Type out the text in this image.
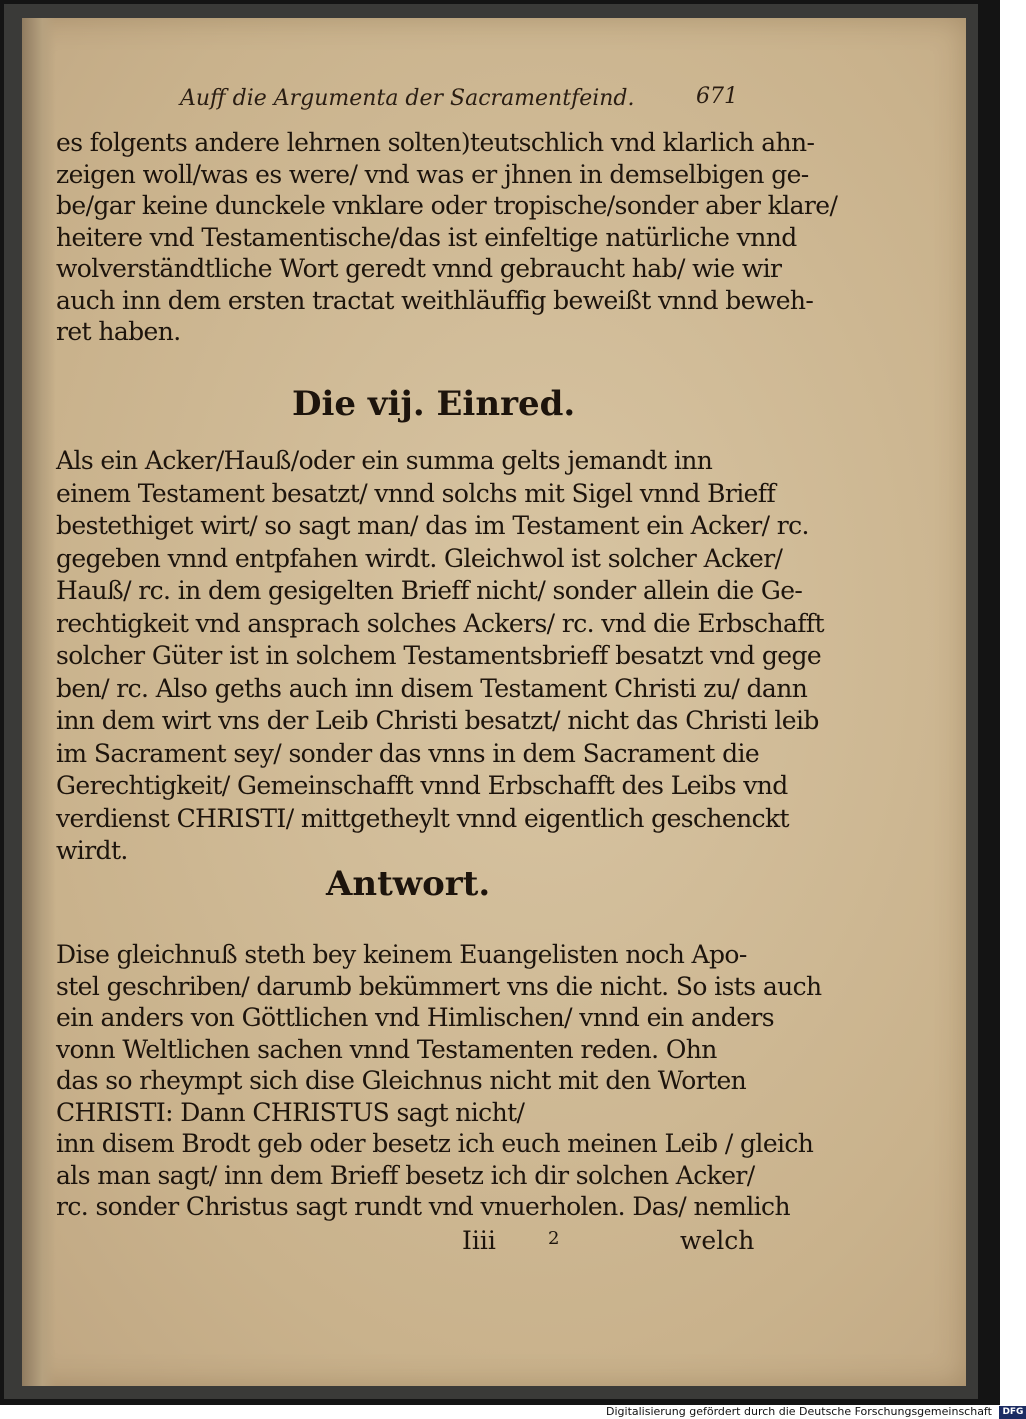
Auff die Argumenta der Sacramentfeind.	671
es folgents andere lehrnen solten)teutschlich vnd klarlich ahn-
zeigen woll/was es were/ vnd was er jhnen in demselbigen ge-
be/gar keine dunckele vnklare oder tropische/sonder aber klare/
heitere vnd Testamentische/das ist einfeltige natürliche vnnd
wolverständtliche Wort geredt vnnd gebraucht hab/ wie wir
auch inn dem ersten tractat weithläuffig beweißt vnnd beweh-
ret haben.
Die vij. Einred.
Als ein Acker/Hauß/oder ein summa gelts jemandt inn
einem Testament besatzt/ vnnd solchs mit Sigel vnnd Brieff
bestethiget wirt/ so sagt man/ das im Testament ein Acker/ rc.
gegeben vnnd entpfahen wirdt. Gleichwol ist solcher Acker/
Hauß/ rc. in dem gesigelten Brieff nicht/ sonder allein die Ge-
rechtigkeit vnd ansprach solches Ackers/ rc. vnd die Erbschafft
solcher Güter ist in solchem Testamentsbrieff besatzt vnd gege
ben/ rc. Also geths auch inn disem Testament Christi zu/ dann
inn dem wirt vns der Leib Christi besatzt/ nicht das Christi leib
im Sacrament sey/ sonder das vnns in dem Sacrament die
Gerechtigkeit/ Gemeinschafft vnnd Erbschafft des Leibs vnd
verdienst CHRISTI/ mittgetheylt vnnd eigentlich geschenckt
wirdt.
Antwort.
Dise gleichnuß steth bey keinem Euangelisten noch Apo-
stel geschriben/ darumb bekümmert vns die nicht. So ists auch
ein anders von Göttlichen vnd Himlischen/ vnnd ein anders
vonn Weltlichen sachen vnnd Testamenten reden. Ohn
das so rheympt sich dise Gleichnus nicht mit den Worten
CHRISTI: Dann CHRISTUS sagt nicht/
inn disem Brodt geb oder besetz ich euch meinen Leib / gleich
als man sagt/ inn dem Brieff besetz ich dir solchen Acker/
rc. sonder Christus sagt rundt vnd vnuerholen. Das/ nemlich
Iiii	2	welch
Digitalisierung gefördert durch die Deutsche Forschungsgemeinschaft DFG
